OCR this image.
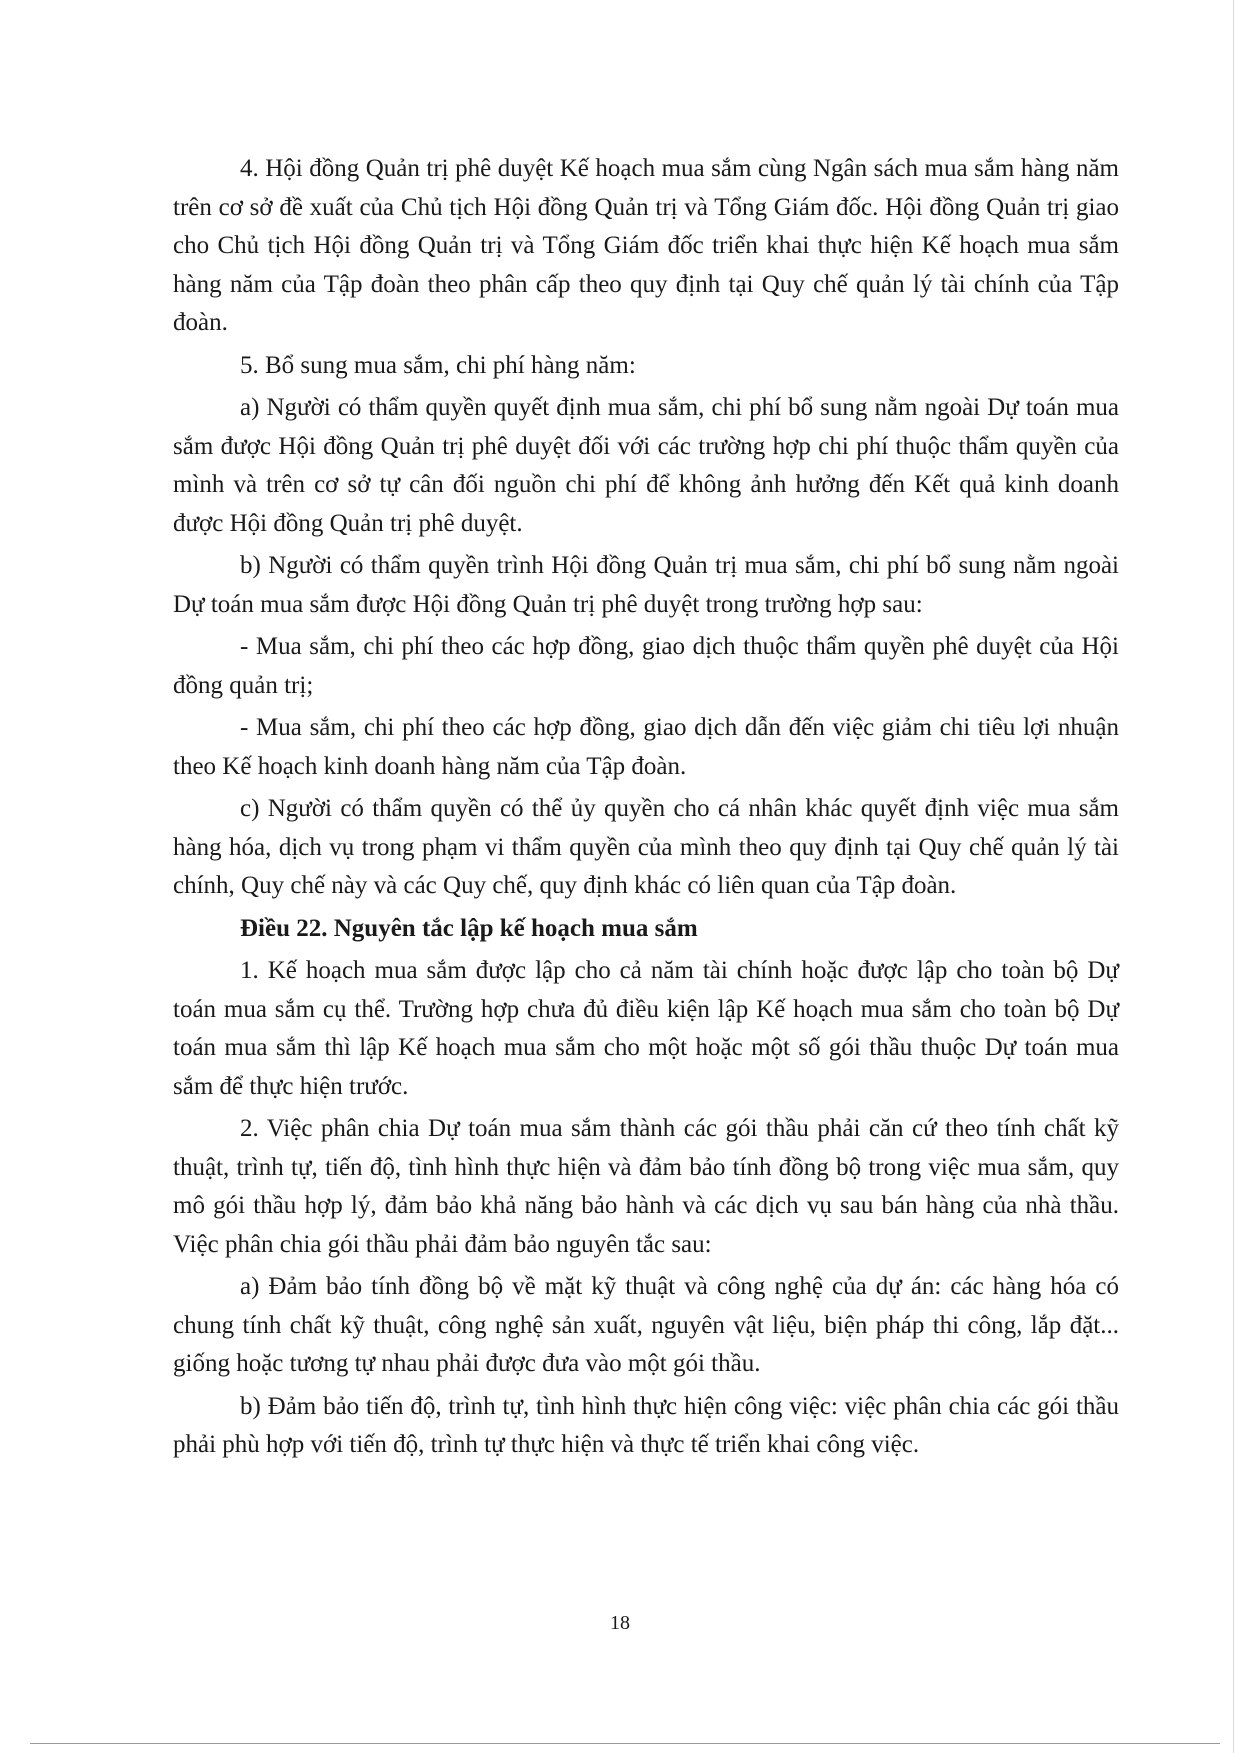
4. Hội đồng Quản trị phê duyệt Kế hoạch mua sắm cùng Ngân sách mua sắm hàng năm trên cơ sở đề xuất của Chủ tịch Hội đồng Quản trị và Tổng Giám đốc. Hội đồng Quản trị giao cho Chủ tịch Hội đồng Quản trị và Tổng Giám đốc triển khai thực hiện Kế hoạch mua sắm hàng năm của Tập đoàn theo phân cấp theo quy định tại Quy chế quản lý tài chính của Tập đoàn.

5. Bổ sung mua sắm, chi phí hàng năm:

a) Người có thẩm quyền quyết định mua sắm, chi phí bổ sung nằm ngoài Dự toán mua sắm được Hội đồng Quản trị phê duyệt đối với các trường hợp chi phí thuộc thẩm quyền của mình và trên cơ sở tự cân đối nguồn chi phí để không ảnh hưởng đến Kết quả kinh doanh được Hội đồng Quản trị phê duyệt.

b) Người có thẩm quyền trình Hội đồng Quản trị mua sắm, chi phí bổ sung nằm ngoài Dự toán mua sắm được Hội đồng Quản trị phê duyệt trong trường hợp sau:

- Mua sắm, chi phí theo các hợp đồng, giao dịch thuộc thẩm quyền phê duyệt của Hội đồng quản trị;

- Mua sắm, chi phí theo các hợp đồng, giao dịch dẫn đến việc giảm chi tiêu lợi nhuận theo Kế hoạch kinh doanh hàng năm của Tập đoàn.

c) Người có thẩm quyền có thể ủy quyền cho cá nhân khác quyết định việc mua sắm hàng hóa, dịch vụ trong phạm vi thẩm quyền của mình theo quy định tại Quy chế quản lý tài chính, Quy chế này và các Quy chế, quy định khác có liên quan của Tập đoàn.

Điều 22. Nguyên tắc lập kế hoạch mua sắm

1. Kế hoạch mua sắm được lập cho cả năm tài chính hoặc được lập cho toàn bộ Dự toán mua sắm cụ thể. Trường hợp chưa đủ điều kiện lập Kế hoạch mua sắm cho toàn bộ Dự toán mua sắm thì lập Kế hoạch mua sắm cho một hoặc một số gói thầu thuộc Dự toán mua sắm để thực hiện trước.

2. Việc phân chia Dự toán mua sắm thành các gói thầu phải căn cứ theo tính chất kỹ thuật, trình tự, tiến độ, tình hình thực hiện và đảm bảo tính đồng bộ trong việc mua sắm, quy mô gói thầu hợp lý, đảm bảo khả năng bảo hành và các dịch vụ sau bán hàng của nhà thầu. Việc phân chia gói thầu phải đảm bảo nguyên tắc sau:

a) Đảm bảo tính đồng bộ về mặt kỹ thuật và công nghệ của dự án: các hàng hóa có chung tính chất kỹ thuật, công nghệ sản xuất, nguyên vật liệu, biện pháp thi công, lắp đặt... giống hoặc tương tự nhau phải được đưa vào một gói thầu.

b) Đảm bảo tiến độ, trình tự, tình hình thực hiện công việc: việc phân chia các gói thầu phải phù hợp với tiến độ, trình tự thực hiện và thực tế triển khai công việc.

18
